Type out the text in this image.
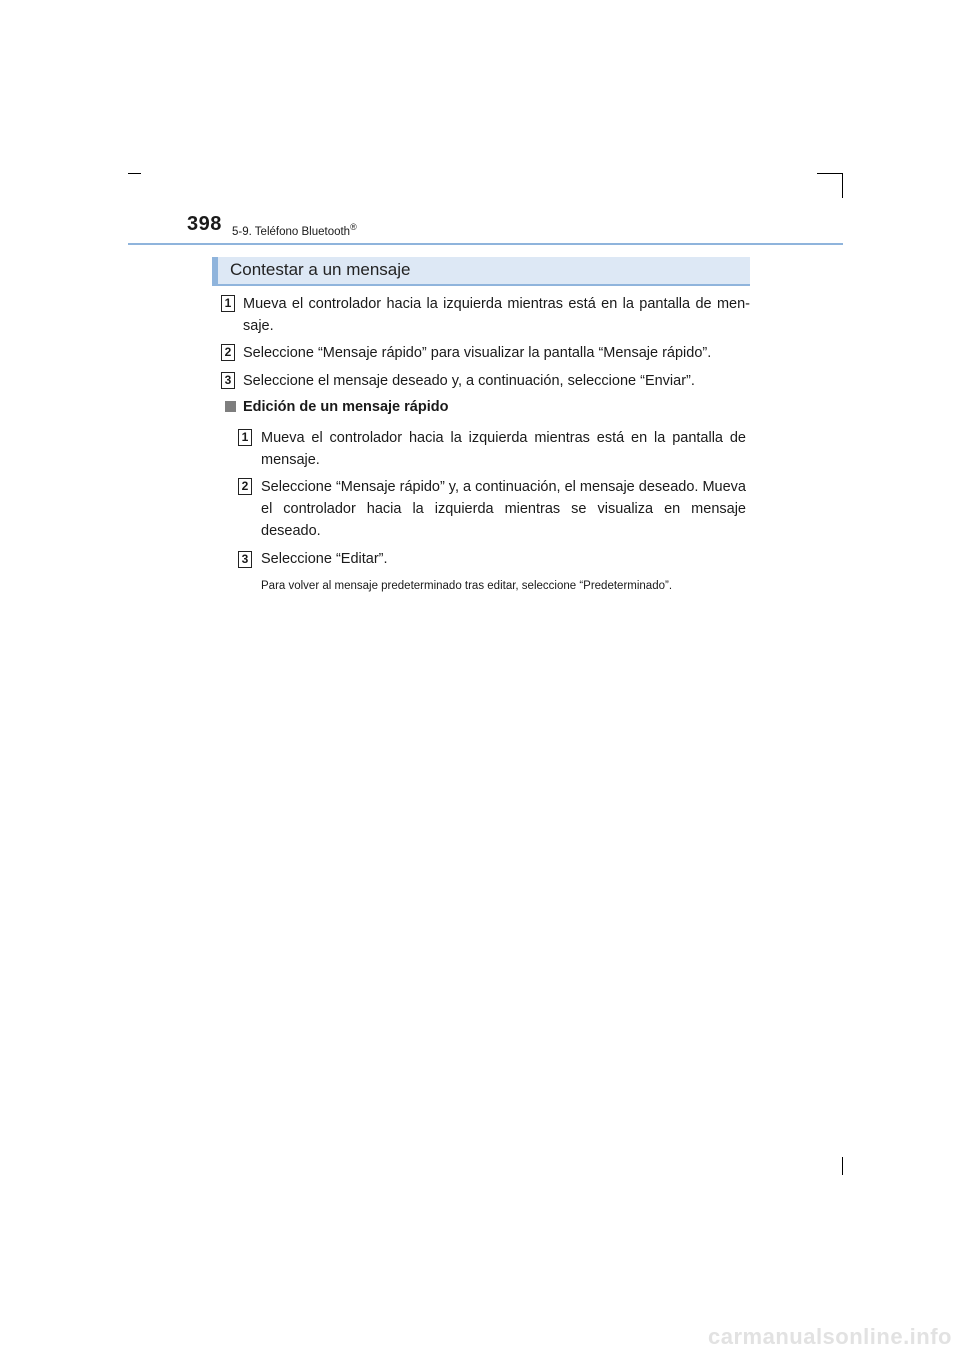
398 5-9. Teléfono Bluetooth®
Contestar a un mensaje
1 Mueva el controlador hacia la izquierda mientras está en la pantalla de men-saje.
2 Seleccione “Mensaje rápido” para visualizar la pantalla “Mensaje rápido”.
3 Seleccione el mensaje deseado y, a continuación, seleccione “Enviar”.
Edición de un mensaje rápido
1 Mueva el controlador hacia la izquierda mientras está en la pantalla de mensaje.
2 Seleccione “Mensaje rápido” y, a continuación, el mensaje deseado. Mueva el controlador hacia la izquierda mientras se visualiza en mensaje deseado.
3 Seleccione “Editar”.
Para volver al mensaje predeterminado tras editar, seleccione “Predeterminado”.
carmanualsonline.info
